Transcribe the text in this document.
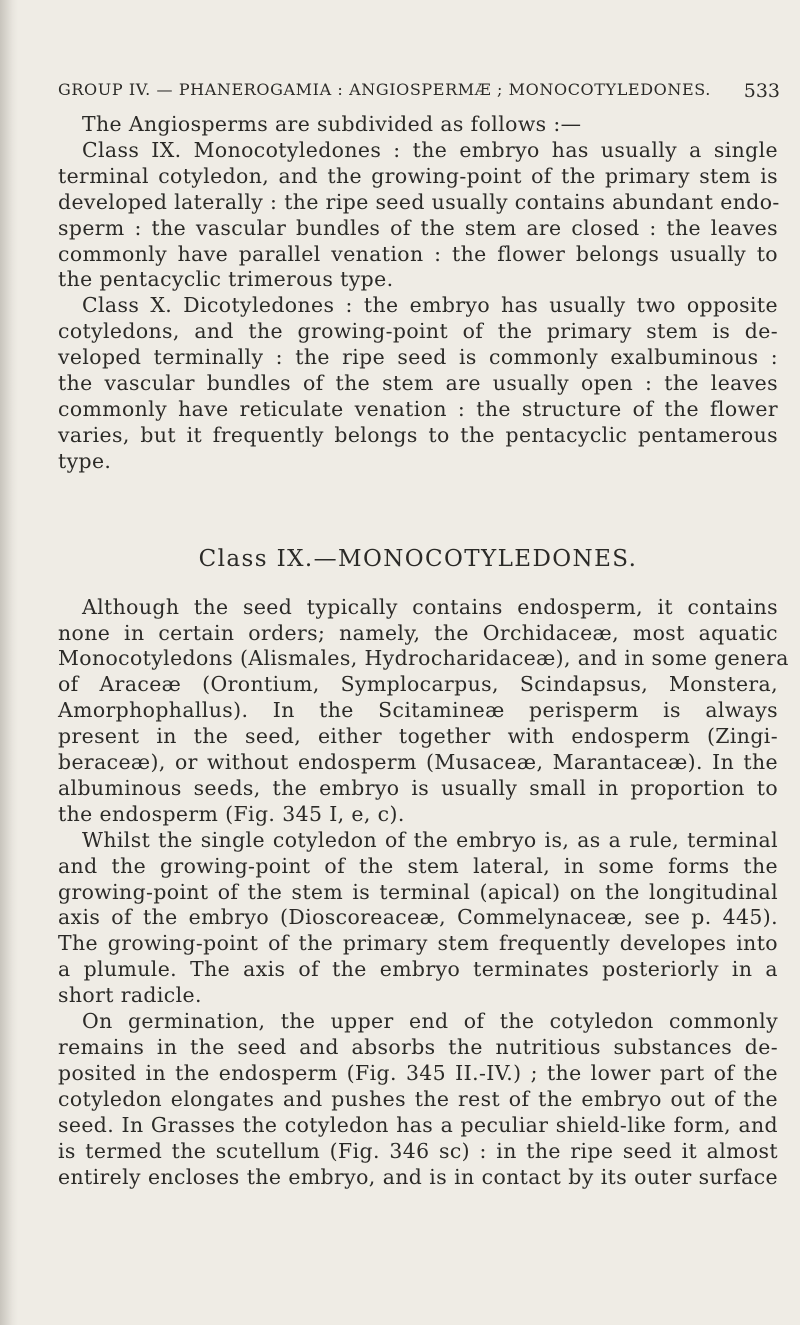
GROUP IV. — PHANEROGAMIA : ANGIOSPERMÆ ; MONOCOTYLEDONES. 533
The Angiosperms are subdivided as follows :—
Class IX. Monocotyledones : the embryo has usually a single
terminal cotyledon, and the growing-point of the primary stem is
developed laterally : the ripe seed usually contains abundant endo-
sperm : the vascular bundles of the stem are closed : the leaves
commonly have parallel venation : the flower belongs usually to
the pentacyclic trimerous type.
Class X. Dicotyledones : the embryo has usually two opposite
cotyledons, and the growing-point of the primary stem is de-
veloped terminally : the ripe seed is commonly exalbuminous :
the vascular bundles of the stem are usually open : the leaves
commonly have reticulate venation : the structure of the flower
varies, but it frequently belongs to the pentacyclic pentamerous
type.
Class IX.—MONOCOTYLEDONES.
Although the seed typically contains endosperm, it contains
none in certain orders; namely, the Orchidaceæ, most aquatic
Monocotyledons (Alismales, Hydrocharidaceæ), and in some genera
of Araceæ (Orontium, Symplocarpus, Scindapsus, Monstera,
Amorphophallus). In the Scitamineæ perisperm is always
present in the seed, either together with endosperm (Zingi-
beraceæ), or without endosperm (Musaceæ, Marantaceæ). In the
albuminous seeds, the embryo is usually small in proportion to
the endosperm (Fig. 345 I, e, c).
Whilst the single cotyledon of the embryo is, as a rule, terminal
and the growing-point of the stem lateral, in some forms the
growing-point of the stem is terminal (apical) on the longitudinal
axis of the embryo (Dioscoreaceæ, Commelynaceæ, see p. 445).
The growing-point of the primary stem frequently developes into
a plumule. The axis of the embryo terminates posteriorly in a
short radicle.
On germination, the upper end of the cotyledon commonly
remains in the seed and absorbs the nutritious substances de-
posited in the endosperm (Fig. 345 II.-IV.) ; the lower part of the
cotyledon elongates and pushes the rest of the embryo out of the
seed. In Grasses the cotyledon has a peculiar shield-like form, and
is termed the scutellum (Fig. 346 sc) : in the ripe seed it almost
entirely encloses the embryo, and is in contact by its outer surface
